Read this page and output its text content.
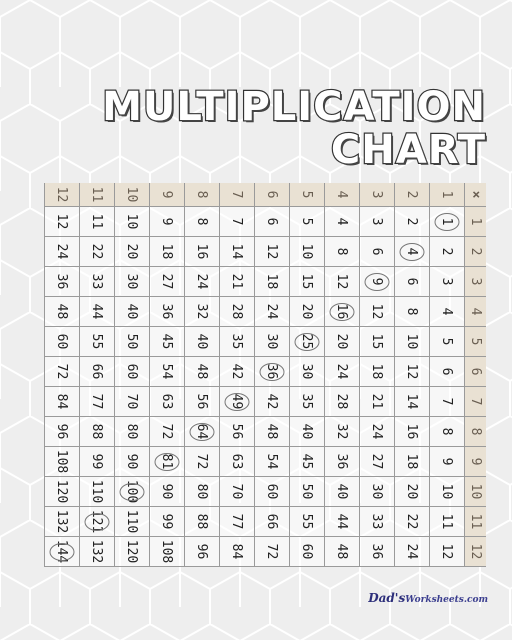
MULTIPLICATION
CHART
×
1
2
3
4
5
6
7
8
9
10
11
12
1
1
2
3
4
5
6
7
8
9
10
11
12
2
2
4
6
8
10
12
14
16
18
20
22
24
3
3
6
9
12
15
18
21
24
27
30
33
36
4
4
8
12
16
20
24
28
32
36
40
44
48
5
5
10
15
20
25
30
35
40
45
50
55
60
6
6
12
18
24
30
36
42
48
54
60
66
72
7
7
14
21
28
35
42
49
56
63
70
77
84
8
8
16
24
32
40
48
56
64
72
80
88
96
9
9
18
27
36
45
54
63
72
81
90
99
108
10
10
20
30
40
50
60
70
80
90
100
110
120
11
11
22
33
44
55
66
77
88
99
110
121
132
12
12
24
36
48
60
72
84
96
108
120
132
144
Dad'sWorksheets.com
